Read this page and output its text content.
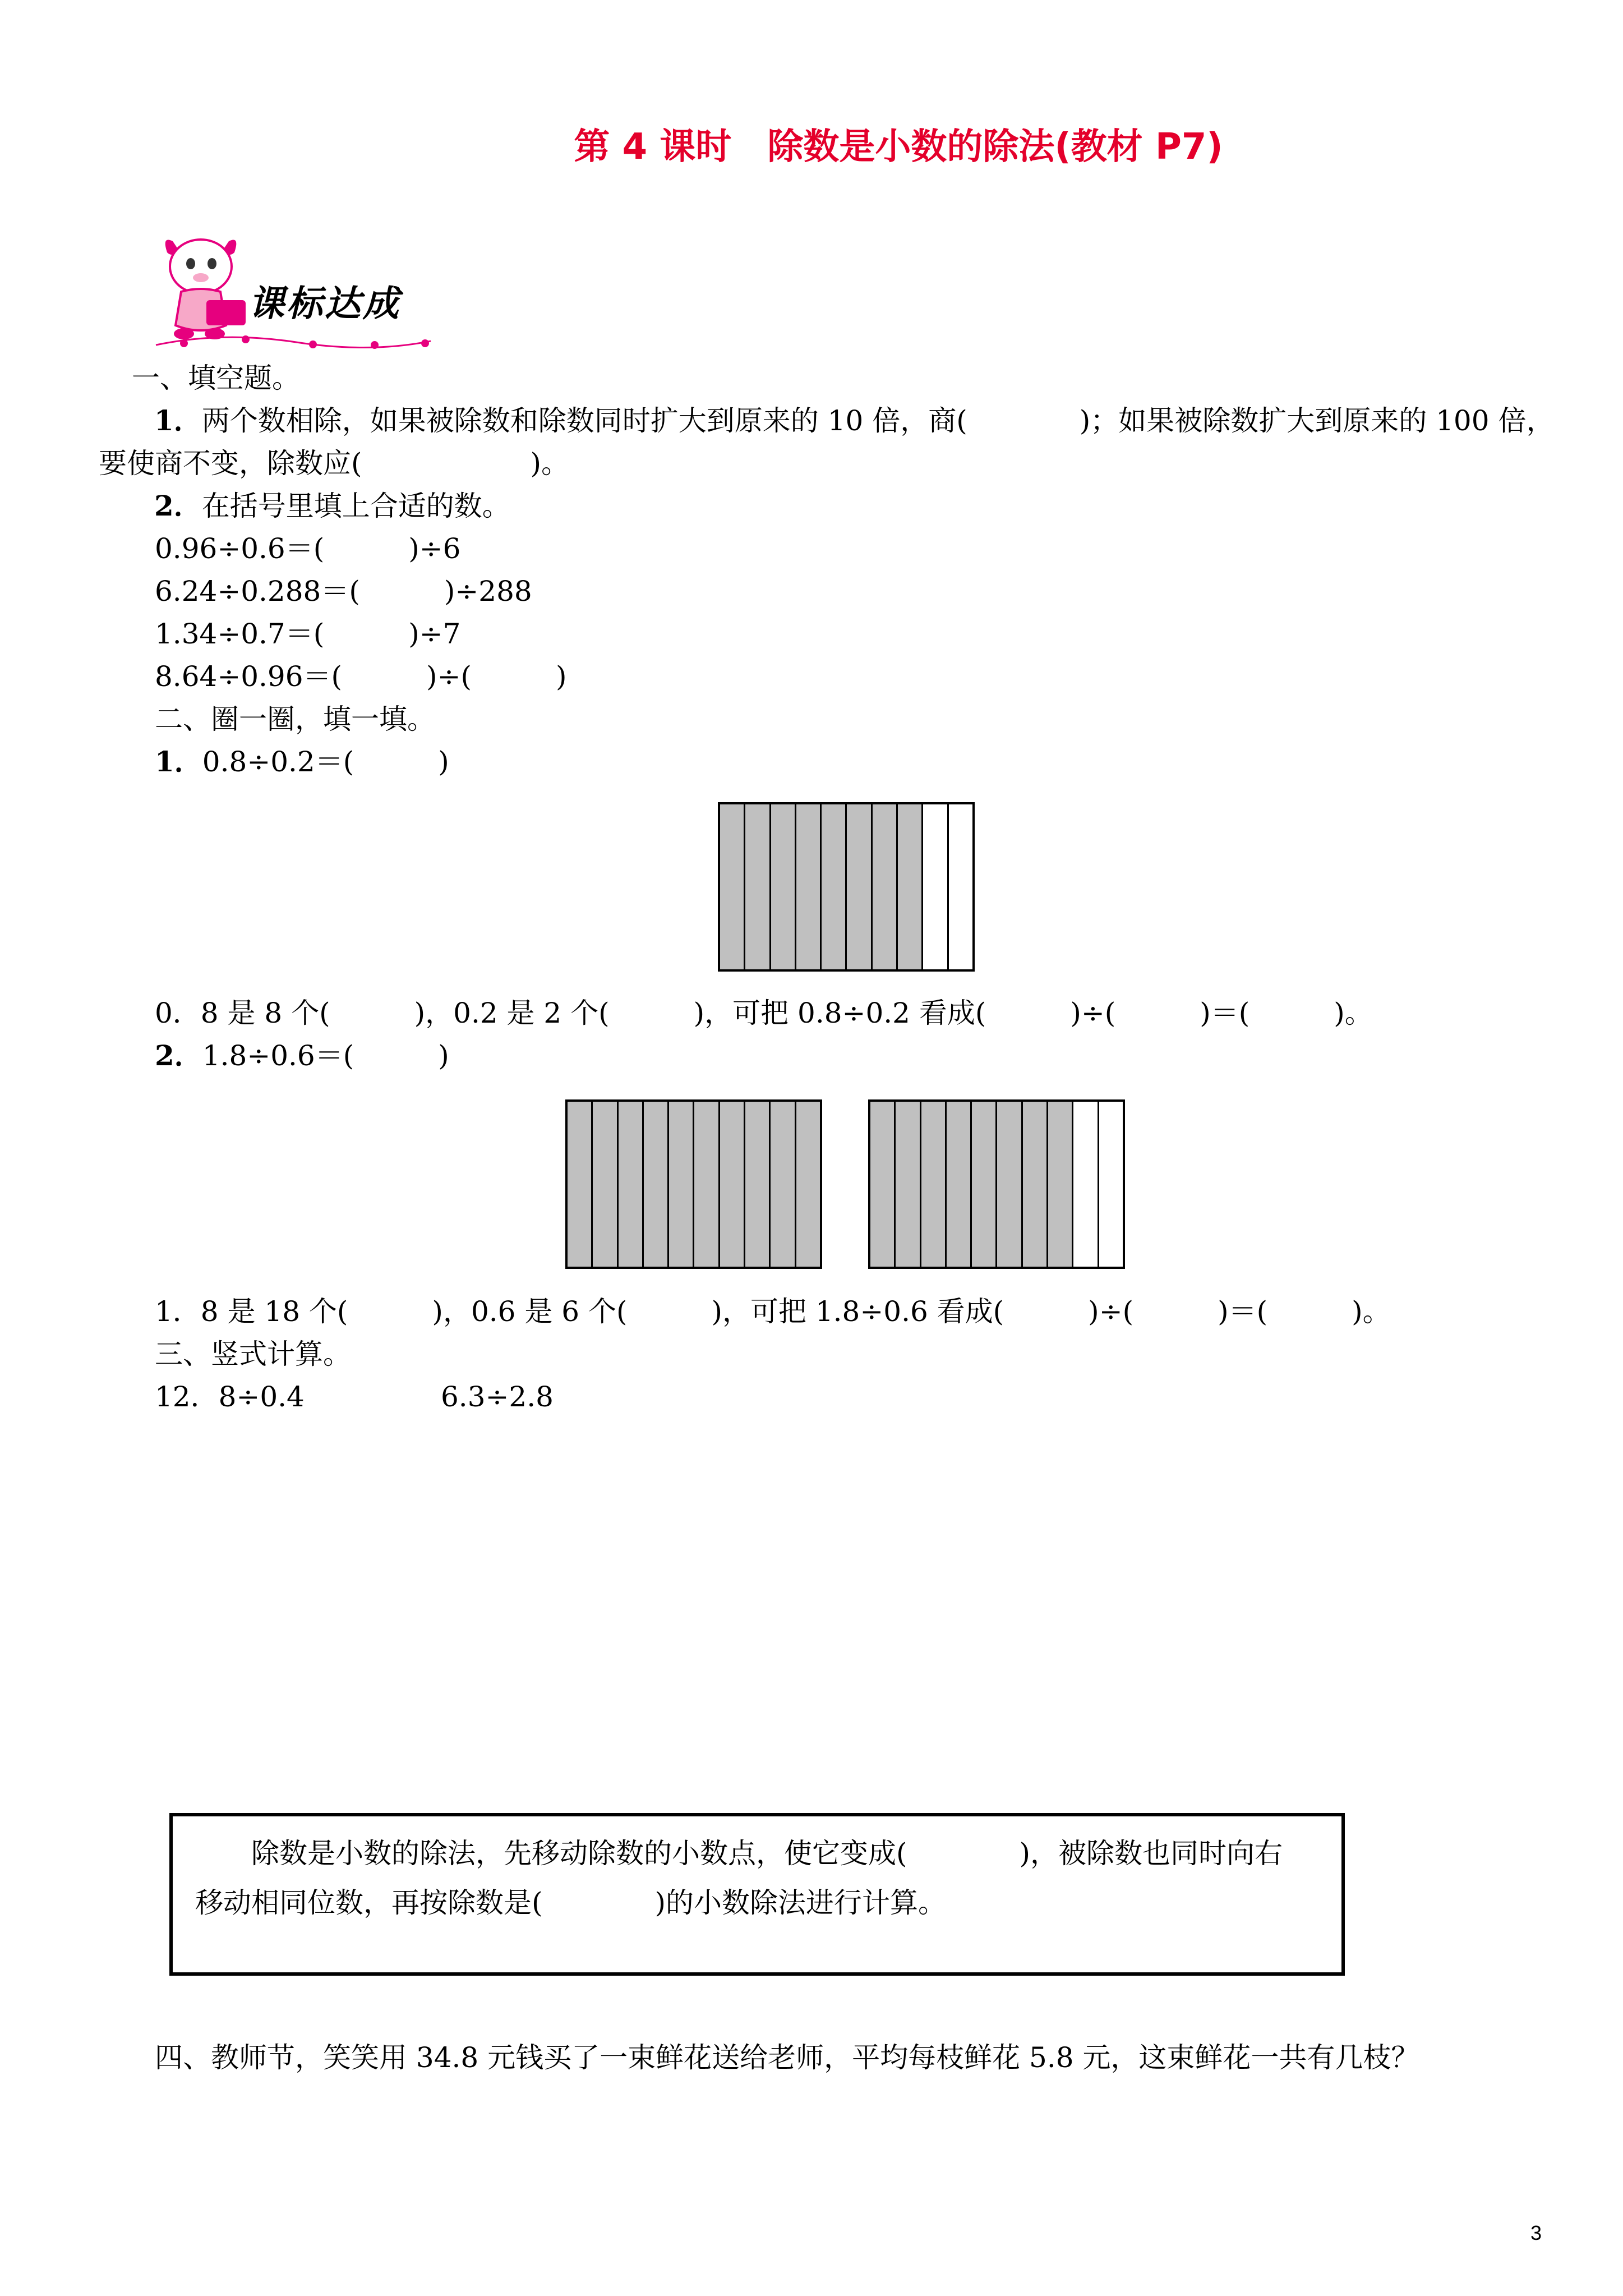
第 4 课时　除数是小数的除法(教材 P7)
课标达成
一、填空题。
1．两个数相除，如果被除数和除数同时扩大到原来的 10 倍，商(　　　　)；如果被除数扩大到原来的 100 倍，
要使商不变，除数应(　　　　　　)。
2．在括号里填上合适的数。
0.96÷0.6＝(　　　)÷6
6.24÷0.288＝(　　　)÷288
1.34÷0.7＝(　　　)÷7
8.64÷0.96＝(　　　)÷(　　　)
二、圈一圈，填一填。
1．0.8÷0.2＝(　　　)
0．8 是 8 个(　　　)，0.2 是 2 个(　　　)，可把 0.8÷0.2 看成(　　　)÷(　　　)＝(　　　)。
2．1.8÷0.6＝(　　　)
1．8 是 18 个(　　　)，0.6 是 6 个(　　　)，可把 1.8÷0.6 看成(　　　)÷(　　　)＝(　　　)。
三、竖式计算。
12．8÷0.4	6.3÷2.8
除数是小数的除法，先移动除数的小数点，使它变成(　　　　)，被除数也同时向右
移动相同位数，再按除数是(　　　　)的小数除法进行计算。
四、教师节，笑笑用 34.8 元钱买了一束鲜花送给老师，平均每枝鲜花 5.8 元，这束鲜花一共有几枝？
3
